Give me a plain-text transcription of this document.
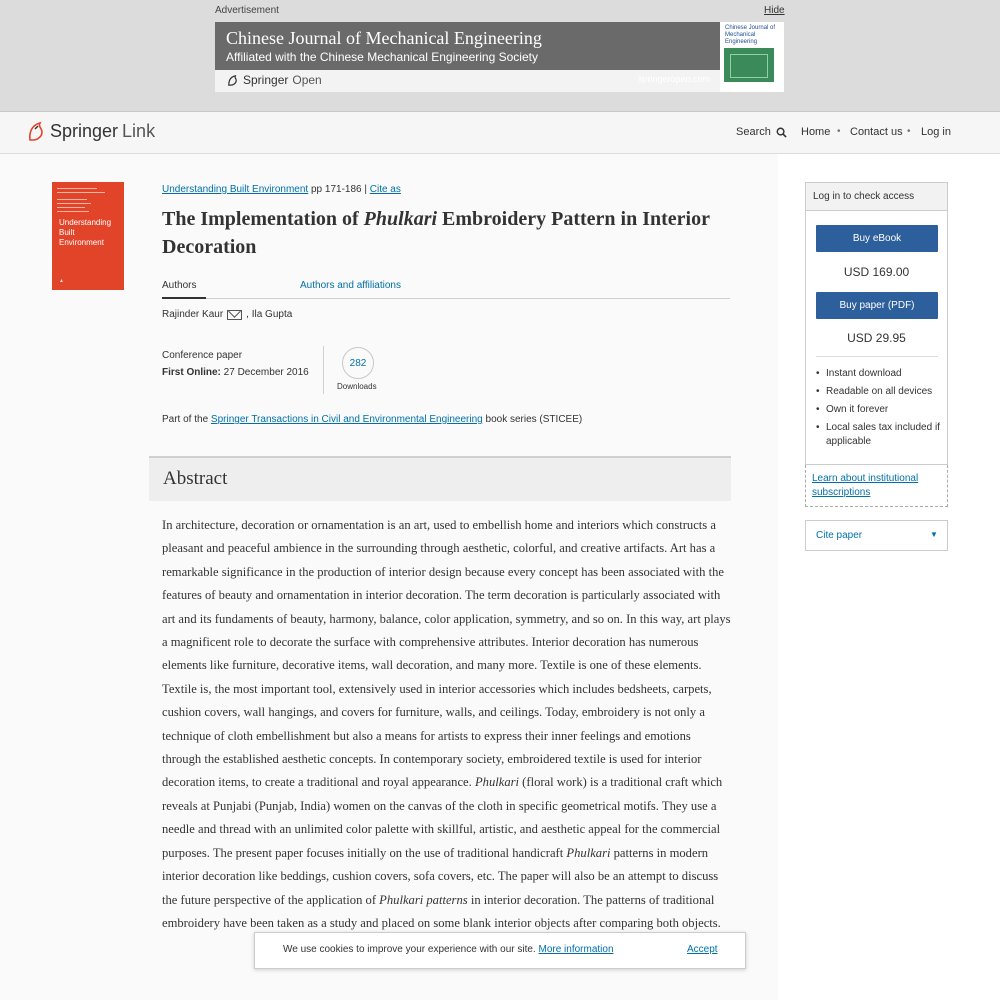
Advertisement	Hide
Chinese Journal of Mechanical Engineering
Affiliated with the Chinese Mechanical Engineering Society
Springer Open	springeropen.com
Chinese Journal of Mechanical Engineering
Springer Link	Search	Home • Contact us • Log in
Understanding Built Environment
▲
Understanding Built Environment pp 171-186 | Cite as
The Implementation of Phulkari Embroidery Pattern in Interior Decoration
Authors	Authors and affiliations
Rajinder Kaur , Ila Gupta
Conference paper
First Online: 27 December 2016
282
Downloads
Part of the Springer Transactions in Civil and Environmental Engineering book series (STICEE)
Abstract

In architecture, decoration or ornamentation is an art, used to embellish home and interiors which constructs a pleasant and peaceful ambience in the surrounding through aesthetic, colorful, and creative artifacts. Art has a remarkable significance in the production of interior design because every concept has been associated with the features of beauty and ornamentation in interior decoration. The term decoration is particularly associated with art and its fundaments of beauty, harmony, balance, color application, symmetry, and so on. In this way, art plays a magnificent role to decorate the surface with comprehensive attributes. Interior decoration has numerous elements like furniture, decorative items, wall decoration, and many more. Textile is one of these elements. Textile is, the most important tool, extensively used in interior accessories which includes bedsheets, carpets, cushion covers, wall hangings, and covers for furniture, walls, and ceilings. Today, embroidery is not only a technique of cloth embellishment but also a means for artists to express their inner feelings and emotions through the established aesthetic concepts. In contemporary society, embroidered textile is used for interior decoration items, to create a traditional and royal appearance. Phulkari (floral work) is a traditional craft which reveals at Punjabi (Punjab, India) women on the canvas of the cloth in specific geometrical motifs. They use a needle and thread with an unlimited color palette with skillful, artistic, and aesthetic appeal for the commercial purposes. The present paper focuses initially on the use of traditional handicraft Phulkari patterns in modern interior decoration like beddings, cushion covers, sofa covers, etc. The paper will also be an attempt to discuss the future perspective of the application of Phulkari patterns in interior decoration. The patterns of traditional embroidery have been taken as a study and placed on some blank interior objects after comparing both objects.

Log in to check access
Buy eBook
USD 169.00
Buy paper (PDF)
USD 29.95
• Instant download
• Readable on all devices
• Own it forever
• Local sales tax included if applicable
Learn about institutional subscriptions
Cite paper	▼
We use cookies to improve your experience with our site. More information	Accept
